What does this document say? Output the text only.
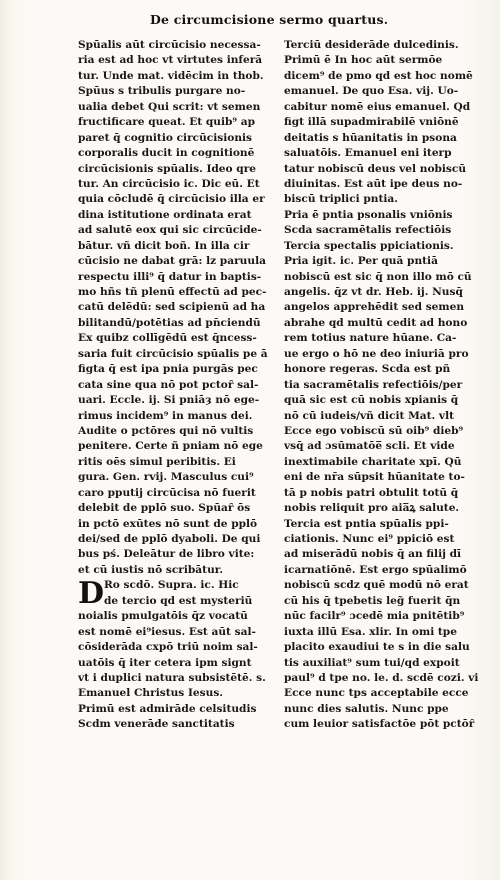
De circumcisione sermo quartus.
Spūalis aūt circūcisio necessa-
ria est ad hoc vt virtutes inferā
tur. Unde mat. vidēcim in thob.
Spūus s tribulis purgare no-
ualia debet Qui scrit: vt semen
fructificare queat. Et quib⁹ ap
paret q̄ cognitio circūcisionis
corporalis ducit in cognitionē
circūcisionis spūalis. Ideo qre
tur. An circūcisio ic. Dic eū. Et
quia cōcludē q̄ circūcisio illa er
dina istitutione ordinata erat
ad salutē eox qui sic circūcide-
bātur. vñ dicit boñ. In illa cir
cūcisio ne dabat grā: lz paruula
respectu illi⁹ q̄ datur in baptis-
mo hñs tñ plenū effectū ad pec-
catū delēdū: sed scipienū ad ha
bilitandū/potētias ad pn̄ciendū
Ex quibz collīgēdū est q̄ncess-
saria fuit circūcisio spūalis pe ā
figta q̄ est ipa pnia purgās pec
cata sine qua nō pot pctoȓ sal-
uari. Eccle. ij. Si pniāȝ nō ege-
rimus incidem⁹ in manus dei.
Audite o pctōres qui nō vultis
penitere. Certe ñ pniam nō ege
ritis oēs simul peribitis. Ei
gura. Gen. rvij. Masculus cui⁹
caro pputij circūcisa nō fuerit
delebit de pplō suo. Spūaȓ ōs
in pctō exūtes nō sunt de pplō
dei/sed de pplō dyaboli. De qui
bus pś. Deleātur de libro vite:
et cū iustis nō scribātur.
Ro scdō. Supra. ic. Hic
de tercio qd est mysteriū
noialis pmulgatōis q̄z vocatū
est nomē ei⁹iesus. Est aūt sal-
cōsiderāda cxpō triū noim sal-
uatōis q̄ iter cetera ipm signt
vt i duplici natura subsistētē. s.
Emanuel Christus Iesus.
Primū est admirāde celsitudis
Scdm venerāde sanctitatis
D
Terciū desiderāde dulcedinis.
Primū ē In hoc aūt sermōe
dicem⁹ de pmo qd est hoc nomē
emanuel. De quo Esa. vij. Uo-
cabitur nomē eius emanuel. Qd
figt illā supadmirabilē vniōnē
deitatis s hūanitatis in psona
saluatōis. Emanuel eni iterp
tatur nobiscū deus vel nobiscū
diuinitas. Est aūt ipe deus no-
biscū triplici pntia.
Pria ē pntia psonalis vniōnis
Scda sacramētalis refectiōis
Tercia spectalis ppiciationis.
Pria igit. ic. Per quā pntiā
nobiscū est sic q̄ non illo mō cū
angelis. q̄z vt dr. Heb. ij. Nusq̄
angelos apprehēdit sed semen
abrahe qd multū cedit ad hono
rem totius nature hūane. Ca-
ue ergo o hō ne deo iniuriā pro
honore regeras. Scda est pñ
tia sacramētalis refectiōis/per
quā sic est cū nobis xpianis q̄
nō cū iudeis/vñ dicit Mat. vlt
Ecce ego vobiscū sū oib⁹ dieb⁹
vsq̄ ad ɔsūmatōe̅ scli. Et vide
inextimabile charitate xpī. Qū
eni de nr̄a sūpsit hūanitate to-
tā p nobis patri obtulit totū q̄
nobis reliquit pro aia̅ꝝ salute.
Tercia est pntia spūalis ppi-
ciationis. Nunc ei⁹ ppiciō est
ad miserādū nobis q̄ an filij dī
icarnatiōnē. Est ergo spūalimō
nobiscū scdz quē modū nō erat
cū his q̄ tpebetis leg̃ fuerit q̄n
nūc facilr⁹ ɔcedē mia pnitētib⁹
iuxta illū Esa. xlir. In omi tpe
placito exaudiui te s in die salu
tis auxiliat⁹ sum tui/qd expoit
paul⁹ d tpe no. le. d. scdē cozi. vi
Ecce nunc tps acceptabile ecce
nunc dies salutis. Nunc ppe
cum leuior satisfactōe pōt pctōȓ
